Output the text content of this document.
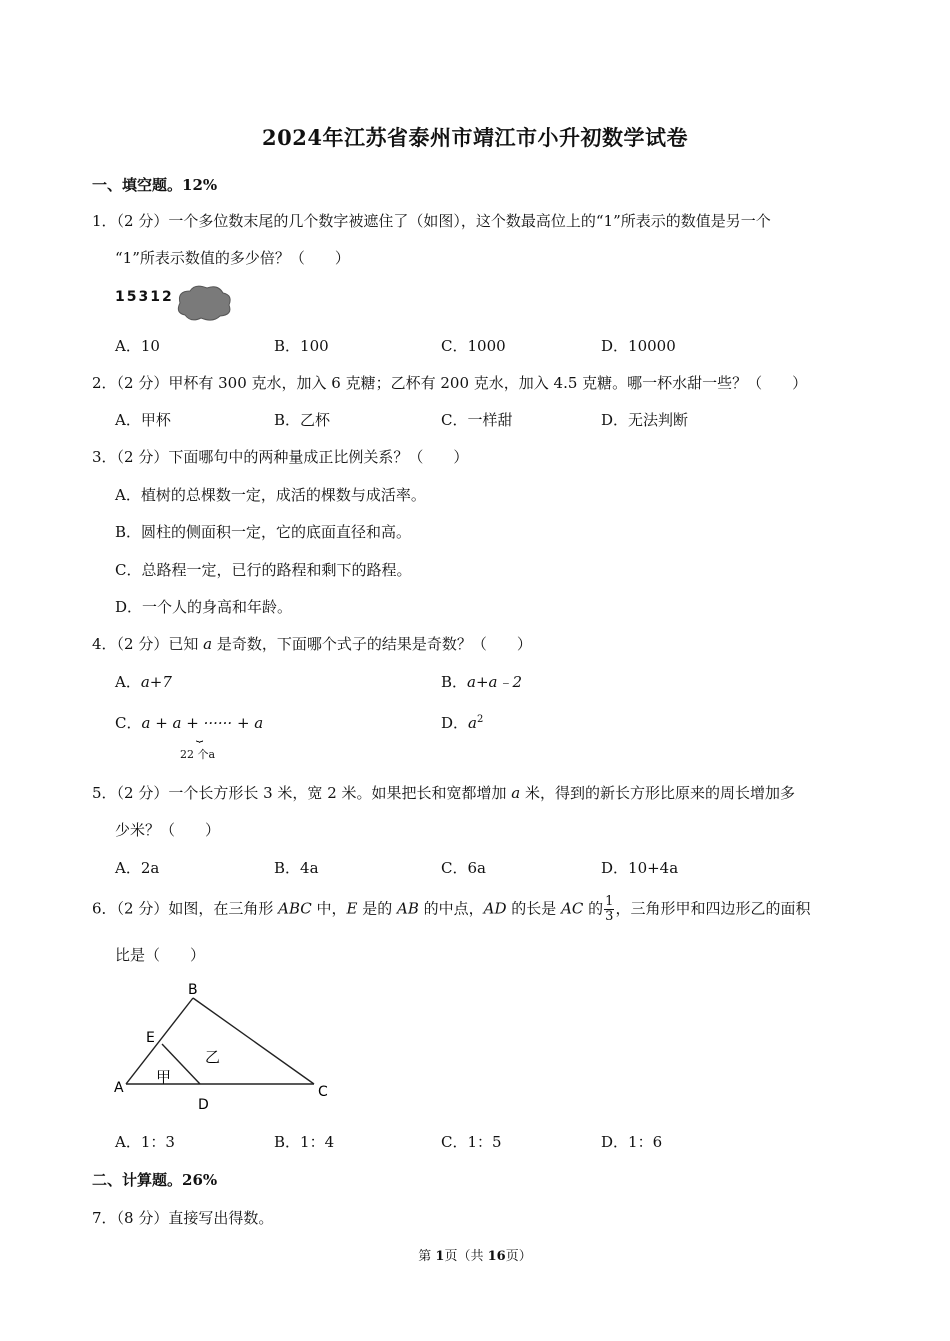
2024年江苏省泰州市靖江市小升初数学试卷
一、填空题。12%
1．（2 分）一个多位数末尾的几个数字被遮住了（如图），这个数最高位上的“1”所表示的数值是另一个
“1”所表示数值的多少倍？（　　）
15312
A．10	B．100	C．1000	D．10000
2．（2 分）甲杯有 300 克水，加入 6 克糖；乙杯有 200 克水，加入 4.5 克糖。哪一杯水甜一些？（　　）
A．甲杯	B．乙杯	C．一样甜	D．无法判断
3．（2 分）下面哪句中的两种量成正比例关系？（　　）
A．植树的总棵数一定，成活的棵数与成活率。
B．圆柱的侧面积一定，它的底面直径和高。
C．总路程一定，已行的路程和剩下的路程。
D．一个人的身高和年龄。
4．（2 分）已知 a 是奇数，下面哪个式子的结果是奇数？（　　）
A．a+7	B．a+a﹣2
C．a + a + ······ + a
⏟
22 个a
D．$a^2$
5．（2 分）一个长方形长 3 米，宽 2 米。如果把长和宽都增加 a 米，得到的新长方形比原来的周长增加多
少米？（　　）
A．2a	B．4a	C．6a	D．10+4a
6．（2 分）如图，在三角形 ABC 中，E 是的 AB 的中点，AD 的长是 AC 的 $\frac{1}{3}$ ，三角形甲和四边形乙的面积
比是（　　）
B
E
A	C
D
甲
乙
A．1：3	B．1：4	C．1：5	D．1：6
二、计算题。26%
7．（8 分）直接写出得数。
第 1页（共 16页）
